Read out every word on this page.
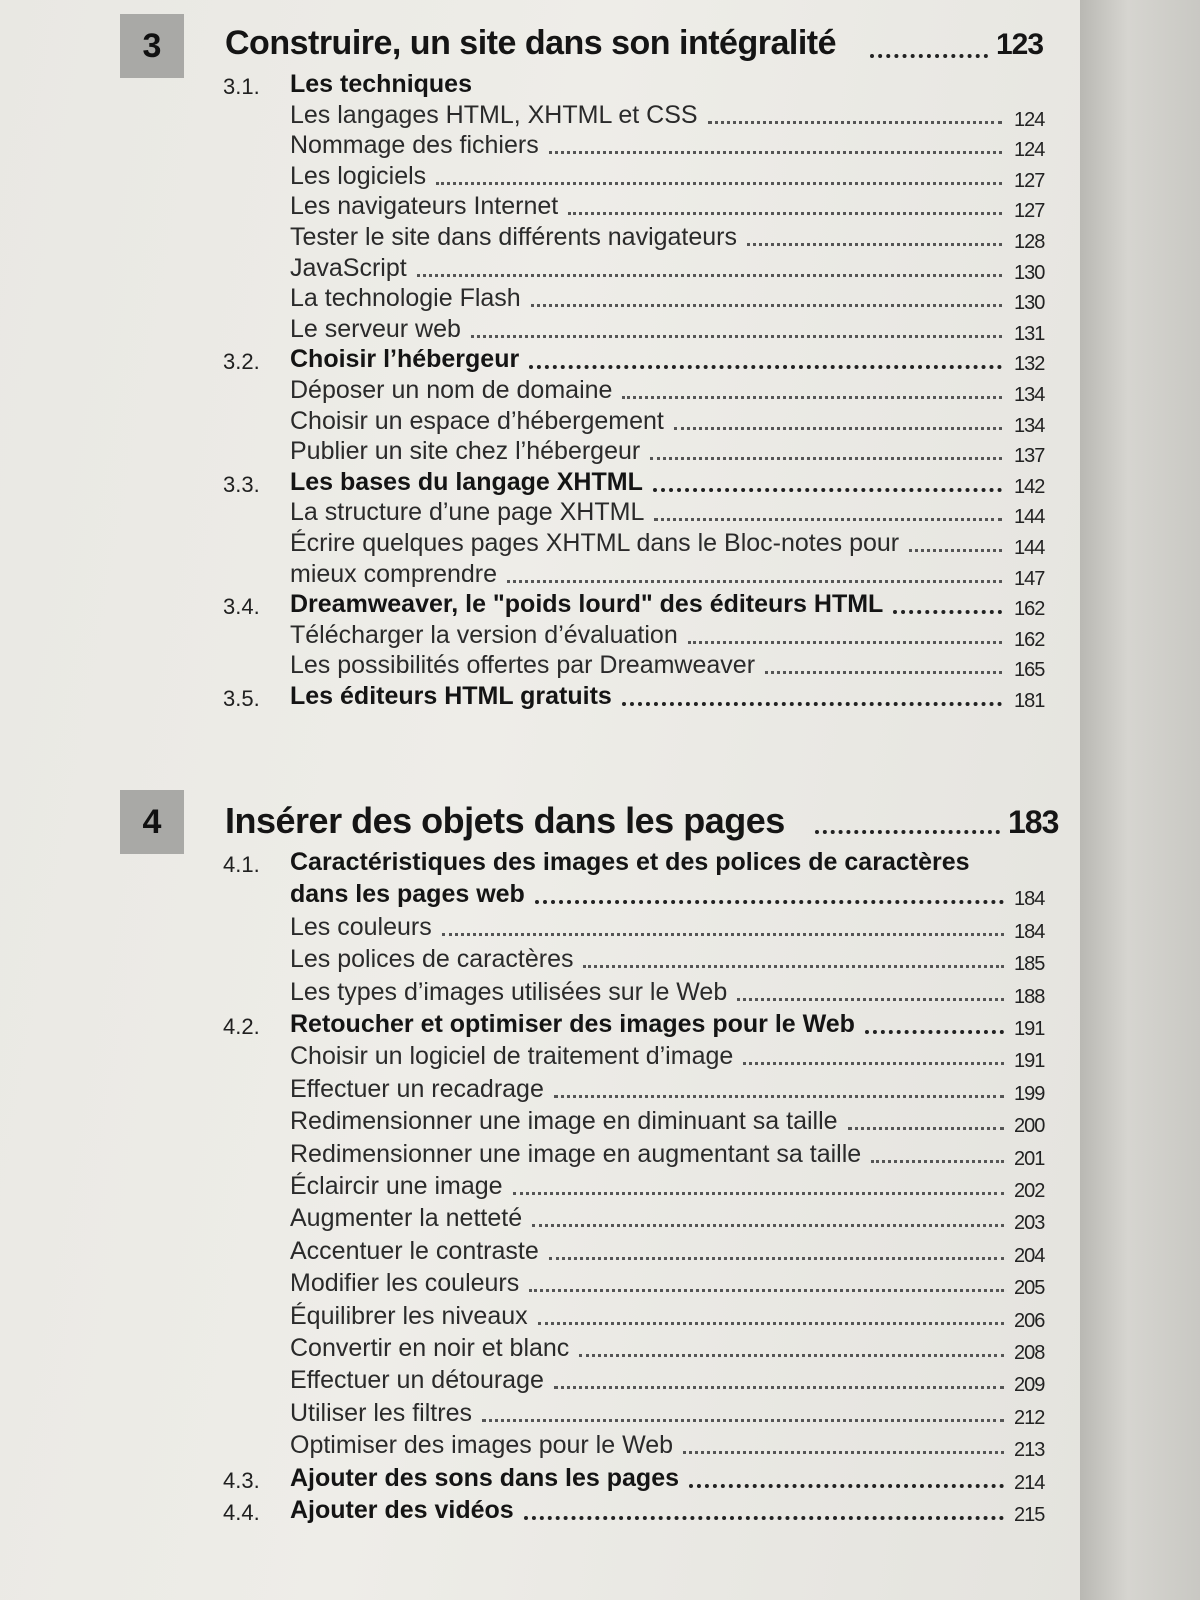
3	Construire, un site dans son intégralité	123
3.1. Les techniques
Les langages HTML, XHTML et CSS	124
Nommage des fichiers	124
Les logiciels	127
Les navigateurs Internet	127
Tester le site dans différents navigateurs	128
JavaScript	130
La technologie Flash	130
Le serveur web	131
3.2. Choisir l’hébergeur	132
Déposer un nom de domaine	134
Choisir un espace d’hébergement	134
Publier un site chez l’hébergeur	137
3.3. Les bases du langage XHTML	142
La structure d’une page XHTML	144
Écrire quelques pages XHTML dans le Bloc-notes pour	144
mieux comprendre	147
3.4. Dreamweaver, le "poids lourd" des éditeurs HTML	162
Télécharger la version d’évaluation	162
Les possibilités offertes par Dreamweaver	165
3.5. Les éditeurs HTML gratuits	181
4	Insérer des objets dans les pages	183
4.1. Caractéristiques des images et des polices de caractères
dans les pages web	184
Les couleurs	184
Les polices de caractères	185
Les types d’images utilisées sur le Web	188
4.2. Retoucher et optimiser des images pour le Web	191
Choisir un logiciel de traitement d’image	191
Effectuer un recadrage	199
Redimensionner une image en diminuant sa taille	200
Redimensionner une image en augmentant sa taille	201
Éclaircir une image	202
Augmenter la netteté	203
Accentuer le contraste	204
Modifier les couleurs	205
Équilibrer les niveaux	206
Convertir en noir et blanc	208
Effectuer un détourage	209
Utiliser les filtres	212
Optimiser des images pour le Web	213
4.3. Ajouter des sons dans les pages	214
4.4. Ajouter des vidéos	215
